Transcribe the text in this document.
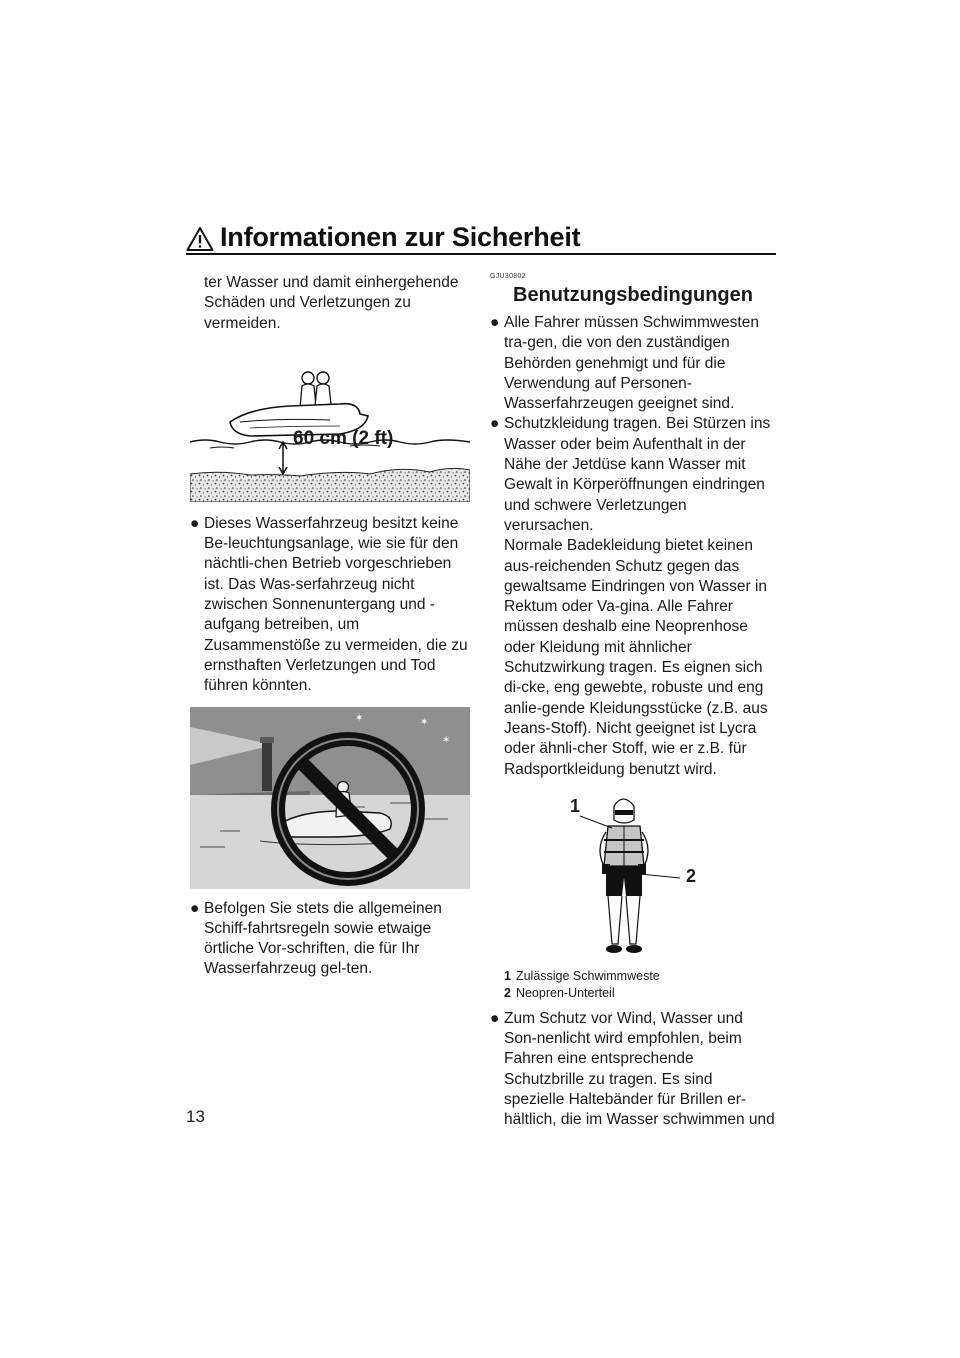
Informationen zur Sicherheit

ter Wasser und damit einhergehende Schäden und Verletzungen zu vermeiden.

60 cm (2 ft)
● Dieses Wasserfahrzeug besitzt keine Be-leuchtungsanlage, wie sie für den nächtli-chen Betrieb vorgeschrieben ist. Das Was-serfahrzeug nicht zwischen Sonnenuntergang und -aufgang betreiben, um Zusammenstöße zu vermeiden, die zu ernsthaften Verletzungen und Tod führen könnten.

✶	✶
✶
● Befolgen Sie stets die allgemeinen Schiff-fahrtsregeln sowie etwaige örtliche Vor-schriften, die für Ihr Wasserfahrzeug gel-ten.

GJU30802
Benutzungsbedingungen
● Alle Fahrer müssen Schwimmwesten tra-gen, die von den zuständigen Behörden genehmigt und für die Verwendung auf Personen-Wasserfahrzeugen geeignet sind.

● Schutzkleidung tragen. Bei Stürzen ins Wasser oder beim Aufenthalt in der Nähe der Jetdüse kann Wasser mit Gewalt in Körperöffnungen eindringen und schwere Verletzungen verursachen.

Normale Badekleidung bietet keinen aus-reichenden Schutz gegen das gewaltsame Eindringen von Wasser in Rektum oder Va-gina. Alle Fahrer müssen deshalb eine Neoprenhose oder Kleidung mit ähnlicher Schutzwirkung tragen. Es eignen sich di-cke, eng gewebte, robuste und eng anlie-gende Kleidungsstücke (z.B. aus Jeans-Stoff). Nicht geeignet ist Lycra oder ähnli-cher Stoff, wie er z.B. für Radsportkleidung benutzt wird.

1
2
1 Zulässige Schwimmweste
2 Neopren-Unterteil
● Zum Schutz vor Wind, Wasser und Son-nenlicht wird empfohlen, beim Fahren eine entsprechende Schutzbrille zu tragen. Es sind spezielle Haltebänder für Brillen er-hältlich, die im Wasser schwimmen und

13
